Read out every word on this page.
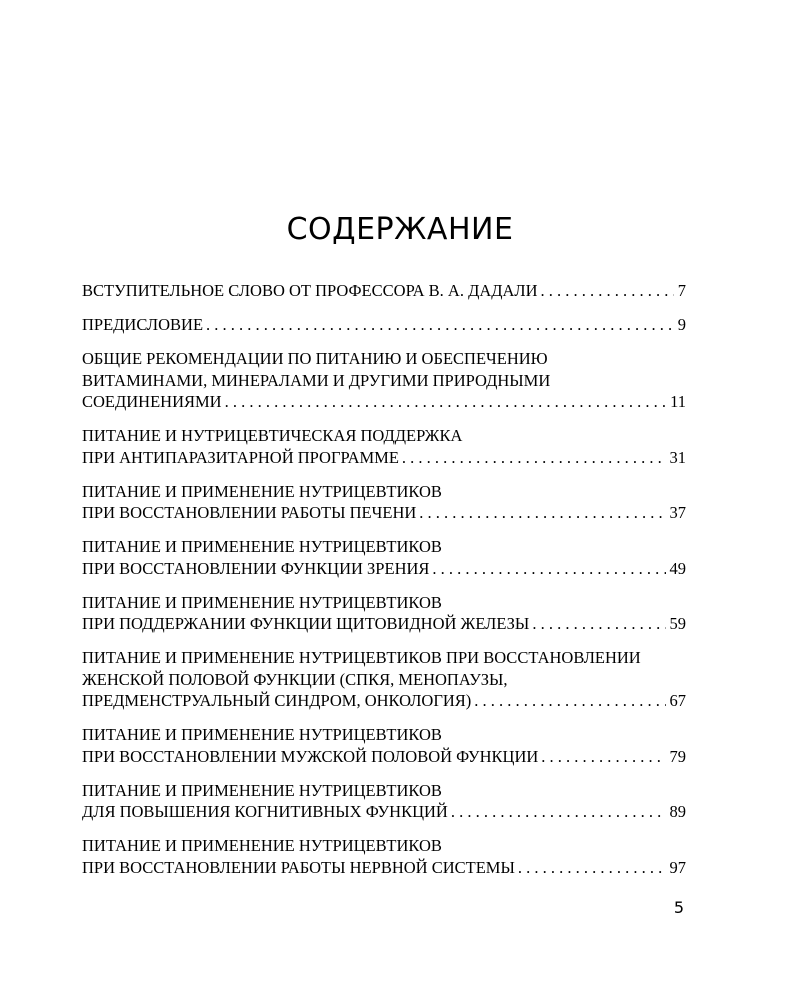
СОДЕРЖАНИЕ
ВСТУПИТЕЛЬНОЕ СЛОВО ОТ ПРОФЕССОРА В. А. ДАДАЛИ . . .	7
ПРЕДИСЛОВИЕ . . .	9
ОБЩИЕ РЕКОМЕНДАЦИИ ПО ПИТАНИЮ И ОБЕСПЕЧЕНИЮ
ВИТАМИНАМИ, МИНЕРАЛАМИ И ДРУГИМИ ПРИРОДНЫМИ
СОЕДИНЕНИЯМИ . . .	11
ПИТАНИЕ И НУТРИЦЕВТИЧЕСКАЯ ПОДДЕРЖКА
ПРИ АНТИПАРАЗИТАРНОЙ ПРОГРАММЕ . . .	31
ПИТАНИЕ И ПРИМЕНЕНИЕ НУТРИЦЕВТИКОВ
ПРИ ВОССТАНОВЛЕНИИ РАБОТЫ ПЕЧЕНИ . . .	37
ПИТАНИЕ И ПРИМЕНЕНИЕ НУТРИЦЕВТИКОВ
ПРИ ВОССТАНОВЛЕНИИ ФУНКЦИИ ЗРЕНИЯ . . .	49
ПИТАНИЕ И ПРИМЕНЕНИЕ НУТРИЦЕВТИКОВ
ПРИ ПОДДЕРЖАНИИ ФУНКЦИИ ЩИТОВИДНОЙ ЖЕЛЕЗЫ . . .	59
ПИТАНИЕ И ПРИМЕНЕНИЕ НУТРИЦЕВТИКОВ ПРИ ВОССТАНОВЛЕНИИ
ЖЕНСКОЙ ПОЛОВОЙ ФУНКЦИИ (СПКЯ, МЕНОПАУЗЫ,
ПРЕДМЕНСТРУАЛЬНЫЙ СИНДРОМ, ОНКОЛОГИЯ) . . .	67
ПИТАНИЕ И ПРИМЕНЕНИЕ НУТРИЦЕВТИКОВ
ПРИ ВОССТАНОВЛЕНИИ МУЖСКОЙ ПОЛОВОЙ ФУНКЦИИ . . .	79
ПИТАНИЕ И ПРИМЕНЕНИЕ НУТРИЦЕВТИКОВ
ДЛЯ ПОВЫШЕНИЯ КОГНИТИВНЫХ ФУНКЦИЙ . . .	89
ПИТАНИЕ И ПРИМЕНЕНИЕ НУТРИЦЕВТИКОВ
ПРИ ВОССТАНОВЛЕНИИ РАБОТЫ НЕРВНОЙ СИСТЕМЫ . . .	97
5
